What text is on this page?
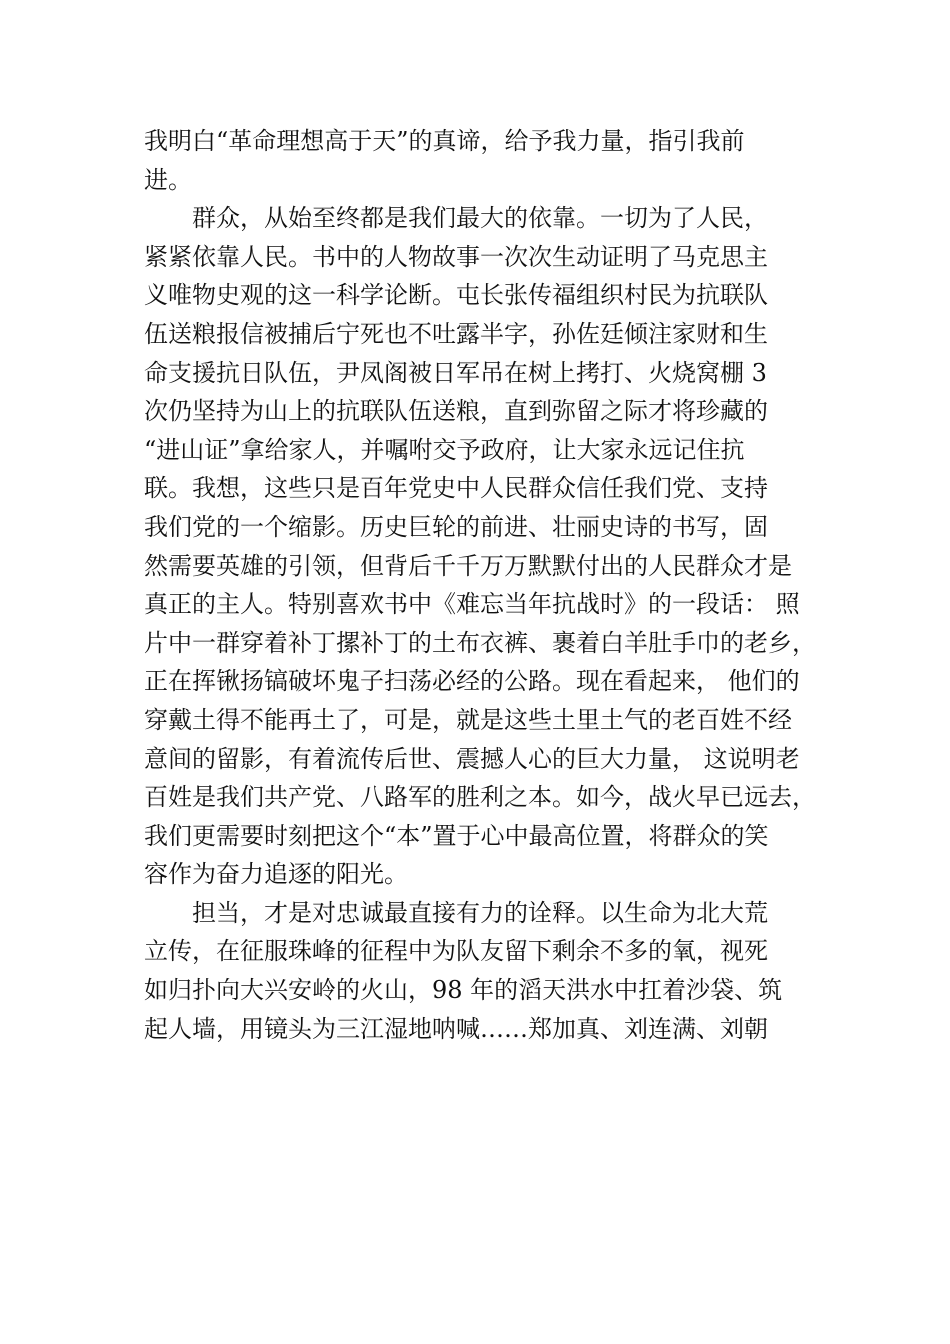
我明白“革命理想高于天”的真谛，给予我力量，指引我前
进。
群众，从始至终都是我们最大的依靠。一切为了人民，
紧紧依靠人民。书中的人物故事一次次生动证明了马克思主
义唯物史观的这一科学论断。屯长张传福组织村民为抗联队
伍送粮报信被捕后宁死也不吐露半字，孙佐廷倾注家财和生
命支援抗日队伍，尹凤阁被日军吊在树上拷打、火烧窝棚 3
次仍坚持为山上的抗联队伍送粮，直到弥留之际才将珍藏的
“进山证”拿给家人，并嘱咐交予政府，让大家永远记住抗
联。我想，这些只是百年党史中人民群众信任我们党、支持
我们党的一个缩影。历史巨轮的前进、壮丽史诗的书写，固
然需要英雄的引领，但背后千千万万默默付出的人民群众才是
真正的主人。特别喜欢书中《难忘当年抗战时》的一段话： 照
片中一群穿着补丁摞补丁的土布衣裤、裹着白羊肚手巾的老乡，
正在挥锹扬镐破坏鬼子扫荡必经的公路。现在看起来， 他们的
穿戴土得不能再土了，可是，就是这些土里土气的老百姓不经
意间的留影，有着流传后世、震撼人心的巨大力量， 这说明老
百姓是我们共产党、八路军的胜利之本。如今，战火早已远去，
我们更需要时刻把这个“本”置于心中最高位置，将群众的笑
容作为奋力追逐的阳光。
担当，才是对忠诚最直接有力的诠释。以生命为北大荒
立传，在征服珠峰的征程中为队友留下剩余不多的氧，视死
如归扑向大兴安岭的火山，98 年的滔天洪水中扛着沙袋、筑
起人墙，用镜头为三江湿地呐喊……郑加真、刘连满、刘朝
